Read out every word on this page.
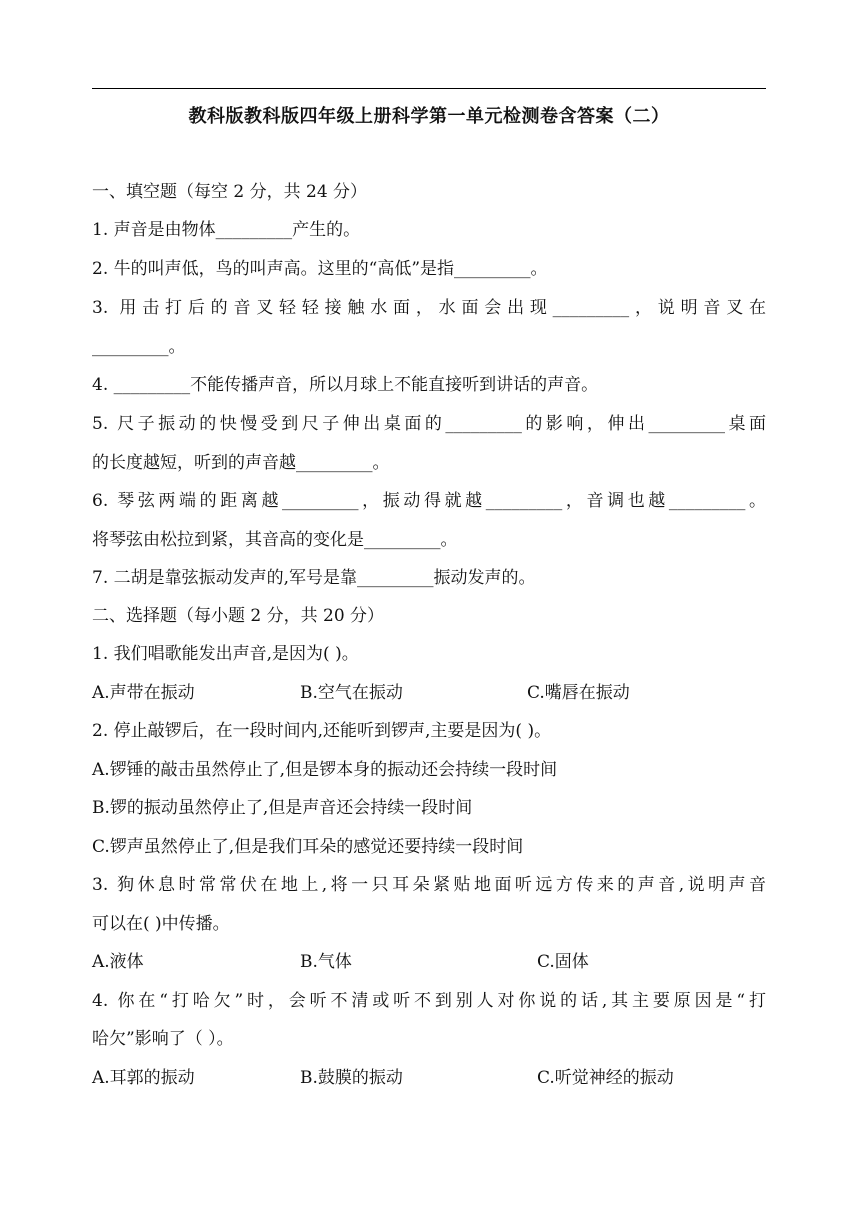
教科版教科版四年级上册科学第一单元检测卷含答案（二）
一、填空题（每空 2 分，共 24 分）
1. 声音是由物体_________产生的。
2. 牛的叫声低，鸟的叫声高。这里的“高低”是指_________。
3. 用击打后的音叉轻轻接触水面，水面会出现_________，说明音叉在
_________。
4. _________不能传播声音，所以月球上不能直接听到讲话的声音。
5. 尺子振动的快慢受到尺子伸出桌面的_________的影响，伸出_________桌面
的长度越短，听到的声音越_________。
6. 琴弦两端的距离越_________，振动得就越_________，音调也越_________。
将琴弦由松拉到紧，其音高的变化是_________。
7. 二胡是靠弦振动发声的,军号是靠_________振动发声的。
二、选择题（每小题 2 分，共 20 分）
1. 我们唱歌能发出声音,是因为( )。
A.声带在振动	B.空气在振动	C.嘴唇在振动
2. 停止敲锣后，在一段时间内,还能听到锣声,主要是因为( )。
A.锣锤的敲击虽然停止了,但是锣本身的振动还会持续一段时间
B.锣的振动虽然停止了,但是声音还会持续一段时间
C.锣声虽然停止了,但是我们耳朵的感觉还要持续一段时间
3. 狗休息时常常伏在地上,将一只耳朵紧贴地面听远方传来的声音,说明声音
可以在( )中传播。
A.液体	B.气体	C.固体
4. 你在“打哈欠”时，会听不清或听不到别人对你说的话,其主要原因是“打
哈欠”影响了（ ）。
A.耳郭的振动	B.鼓膜的振动	C.听觉神经的振动
